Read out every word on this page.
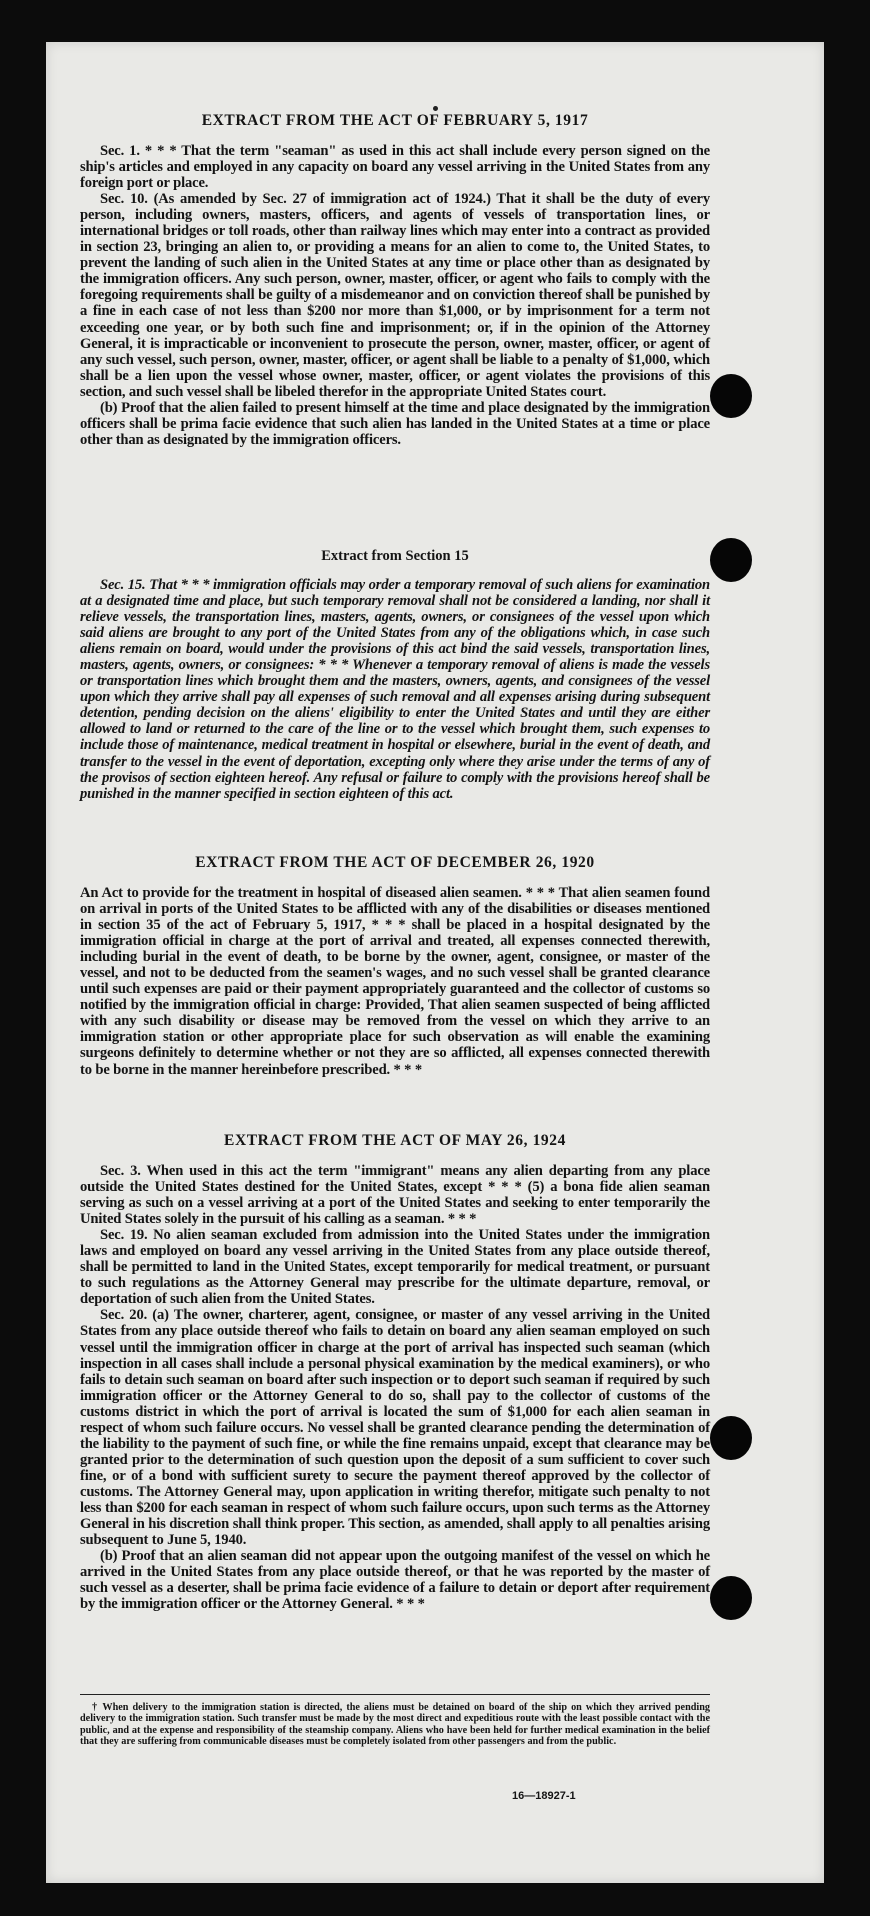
EXTRACT FROM THE ACT OF FEBRUARY 5, 1917

Sec. 1. * * * That the term "seaman" as used in this act shall include every person signed on the ship's articles and employed in any capacity on board any vessel arriving in the United States from any foreign port or place.

Sec. 10. (As amended by Sec. 27 of immigration act of 1924.) That it shall be the duty of every person, including owners, masters, officers, and agents of vessels of transportation lines, or international bridges or toll roads, other than railway lines which may enter into a contract as provided in section 23, bringing an alien to, or providing a means for an alien to come to, the United States, to prevent the landing of such alien in the United States at any time or place other than as designated by the immigration officers. Any such person, owner, master, officer, or agent who fails to comply with the foregoing requirements shall be guilty of a misdemeanor and on conviction thereof shall be punished by a fine in each case of not less than $200 nor more than $1,000, or by imprisonment for a term not exceeding one year, or by both such fine and imprisonment; or, if in the opinion of the Attorney General, it is impracticable or inconvenient to prosecute the person, owner, master, officer, or agent of any such vessel, such person, owner, master, officer, or agent shall be liable to a penalty of $1,000, which shall be a lien upon the vessel whose owner, master, officer, or agent violates the provisions of this section, and such vessel shall be libeled therefor in the appropriate United States court.

(b) Proof that the alien failed to present himself at the time and place designated by the immigration officers shall be prima facie evidence that such alien has landed in the United States at a time or place other than as designated by the immigration officers.

Extract from Section 15

Sec. 15. That * * * immigration officials may order a temporary removal of such aliens for examination at a designated time and place, but such temporary removal shall not be considered a landing, nor shall it relieve vessels, the transportation lines, masters, agents, owners, or consignees of the vessel upon which said aliens are brought to any port of the United States from any of the obligations which, in case such aliens remain on board, would under the provisions of this act bind the said vessels, transportation lines, masters, agents, owners, or consignees: * * * Whenever a temporary removal of aliens is made the vessels or transportation lines which brought them and the masters, owners, agents, and consignees of the vessel upon which they arrive shall pay all expenses of such removal and all expenses arising during subsequent detention, pending decision on the aliens' eligibility to enter the United States and until they are either allowed to land or returned to the care of the line or to the vessel which brought them, such expenses to include those of maintenance, medical treatment in hospital or elsewhere, burial in the event of death, and transfer to the vessel in the event of deportation, excepting only where they arise under the terms of any of the provisos of section eighteen hereof. Any refusal or failure to comply with the provisions hereof shall be punished in the manner specified in section eighteen of this act.

EXTRACT FROM THE ACT OF DECEMBER 26, 1920

An Act to provide for the treatment in hospital of diseased alien seamen. * * * That alien seamen found on arrival in ports of the United States to be afflicted with any of the disabilities or diseases mentioned in section 35 of the act of February 5, 1917, * * * shall be placed in a hospital designated by the immigration official in charge at the port of arrival and treated, all expenses connected therewith, including burial in the event of death, to be borne by the owner, agent, consignee, or master of the vessel, and not to be deducted from the seamen's wages, and no such vessel shall be granted clearance until such expenses are paid or their payment appropriately guaranteed and the collector of customs so notified by the immigration official in charge: Provided, That alien seamen suspected of being afflicted with any such disability or disease may be removed from the vessel on which they arrive to an immigration station or other appropriate place for such observation as will enable the examining surgeons definitely to determine whether or not they are so afflicted, all expenses connected therewith to be borne in the manner hereinbefore prescribed. * * *

EXTRACT FROM THE ACT OF MAY 26, 1924

Sec. 3. When used in this act the term "immigrant" means any alien departing from any place outside the United States destined for the United States, except * * * (5) a bona fide alien seaman serving as such on a vessel arriving at a port of the United States and seeking to enter temporarily the United States solely in the pursuit of his calling as a seaman. * * *

Sec. 19. No alien seaman excluded from admission into the United States under the immigration laws and employed on board any vessel arriving in the United States from any place outside thereof, shall be permitted to land in the United States, except temporarily for medical treatment, or pursuant to such regulations as the Attorney General may prescribe for the ultimate departure, removal, or deportation of such alien from the United States.

Sec. 20. (a) The owner, charterer, agent, consignee, or master of any vessel arriving in the United States from any place outside thereof who fails to detain on board any alien seaman employed on such vessel until the immigration officer in charge at the port of arrival has inspected such seaman (which inspection in all cases shall include a personal physical examination by the medical examiners), or who fails to detain such seaman on board after such inspection or to deport such seaman if required by such immigration officer or the Attorney General to do so, shall pay to the collector of customs of the customs district in which the port of arrival is located the sum of $1,000 for each alien seaman in respect of whom such failure occurs. No vessel shall be granted clearance pending the determination of the liability to the payment of such fine, or while the fine remains unpaid, except that clearance may be granted prior to the determination of such question upon the deposit of a sum sufficient to cover such fine, or of a bond with sufficient surety to secure the payment thereof approved by the collector of customs. The Attorney General may, upon application in writing therefor, mitigate such penalty to not less than $200 for each seaman in respect of whom such failure occurs, upon such terms as the Attorney General in his discretion shall think proper. This section, as amended, shall apply to all penalties arising subsequent to June 5, 1940.

(b) Proof that an alien seaman did not appear upon the outgoing manifest of the vessel on which he arrived in the United States from any place outside thereof, or that he was reported by the master of such vessel as a deserter, shall be prima facie evidence of a failure to detain or deport after requirement by the immigration officer or the Attorney General. * * *

† When delivery to the immigration station is directed, the aliens must be detained on board of the ship on which they arrived pending delivery to the immigration station. Such transfer must be made by the most direct and expeditious route with the least possible contact with the public, and at the expense and responsibility of the steamship company. Aliens who have been held for further medical examination in the belief that they are suffering from communicable diseases must be completely isolated from other passengers and from the public.

16—18927-1
